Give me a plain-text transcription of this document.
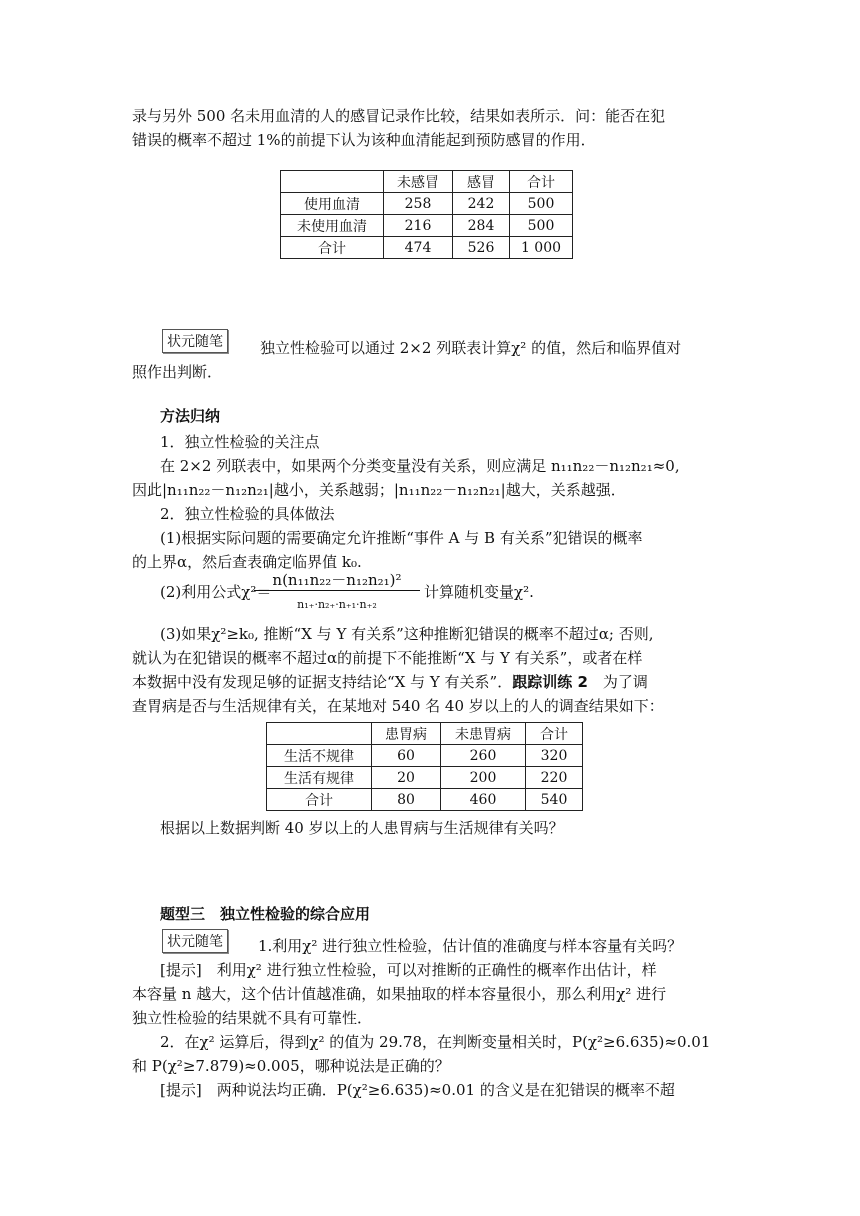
录与另外 500 名未用血清的人的感冒记录作比较，结果如表所示．问：能否在犯
错误的概率不超过 1%的前提下认为该种血清能起到预防感冒的作用．
	未感冒	感冒	合计
使用血清	258	242	500
未使用血清	216	284	500
合计	474	526	1 000
状元随笔	独立性检验可以通过 2×2 列联表计算χ² 的值，然后和临界值对
照作出判断．
方法归纳
1．独立性检验的关注点
在 2×2 列联表中，如果两个分类变量没有关系，则应满足 n₁₁n₂₂－n₁₂n₂₁≈0,
因此|n₁₁n₂₂－n₁₂n₂₁|越小，关系越弱；|n₁₁n₂₂－n₁₂n₂₁|越大，关系越强．
2．独立性检验的具体做法
(1)根据实际问题的需要确定允许推断“事件 A 与 B 有关系”犯错误的概率
的上界α，然后查表确定临界值 k₀.
(2)利用公式χ²＝
n(n₁₁n₂₂－n₁₂n₂₁)²
n₁₊·n₂₊·n₊₁·n₊₂
计算随机变量χ².
(3)如果χ²≥k₀, 推断“X 与 Y 有关系”这种推断犯错误的概率不超过α; 否则,
就认为在犯错误的概率不超过α的前提下不能推断“X 与 Y 有关系”，或者在样
本数据中没有发现足够的证据支持结论“X 与 Y 有关系”．跟踪训练 2　为了调
查胃病是否与生活规律有关，在某地对 540 名 40 岁以上的人的调查结果如下：
	患胃病	未患胃病	合计
生活不规律	60	260	320
生活有规律	20	200	220
合计	80	460	540
根据以上数据判断 40 岁以上的人患胃病与生活规律有关吗？
题型三　独立性检验的综合应用
状元随笔	1.利用χ² 进行独立性检验，估计值的准确度与样本容量有关吗？
[提示]　利用χ² 进行独立性检验，可以对推断的正确性的概率作出估计，样
本容量 n 越大，这个估计值越准确，如果抽取的样本容量很小，那么利用χ² 进行
独立性检验的结果就不具有可靠性．
2．在χ² 运算后，得到χ² 的值为 29.78，在判断变量相关时，P(χ²≥6.635)≈0.01
和 P(χ²≥7.879)≈0.005，哪种说法是正确的？
[提示]　两种说法均正确．P(χ²≥6.635)≈0.01 的含义是在犯错误的概率不超
